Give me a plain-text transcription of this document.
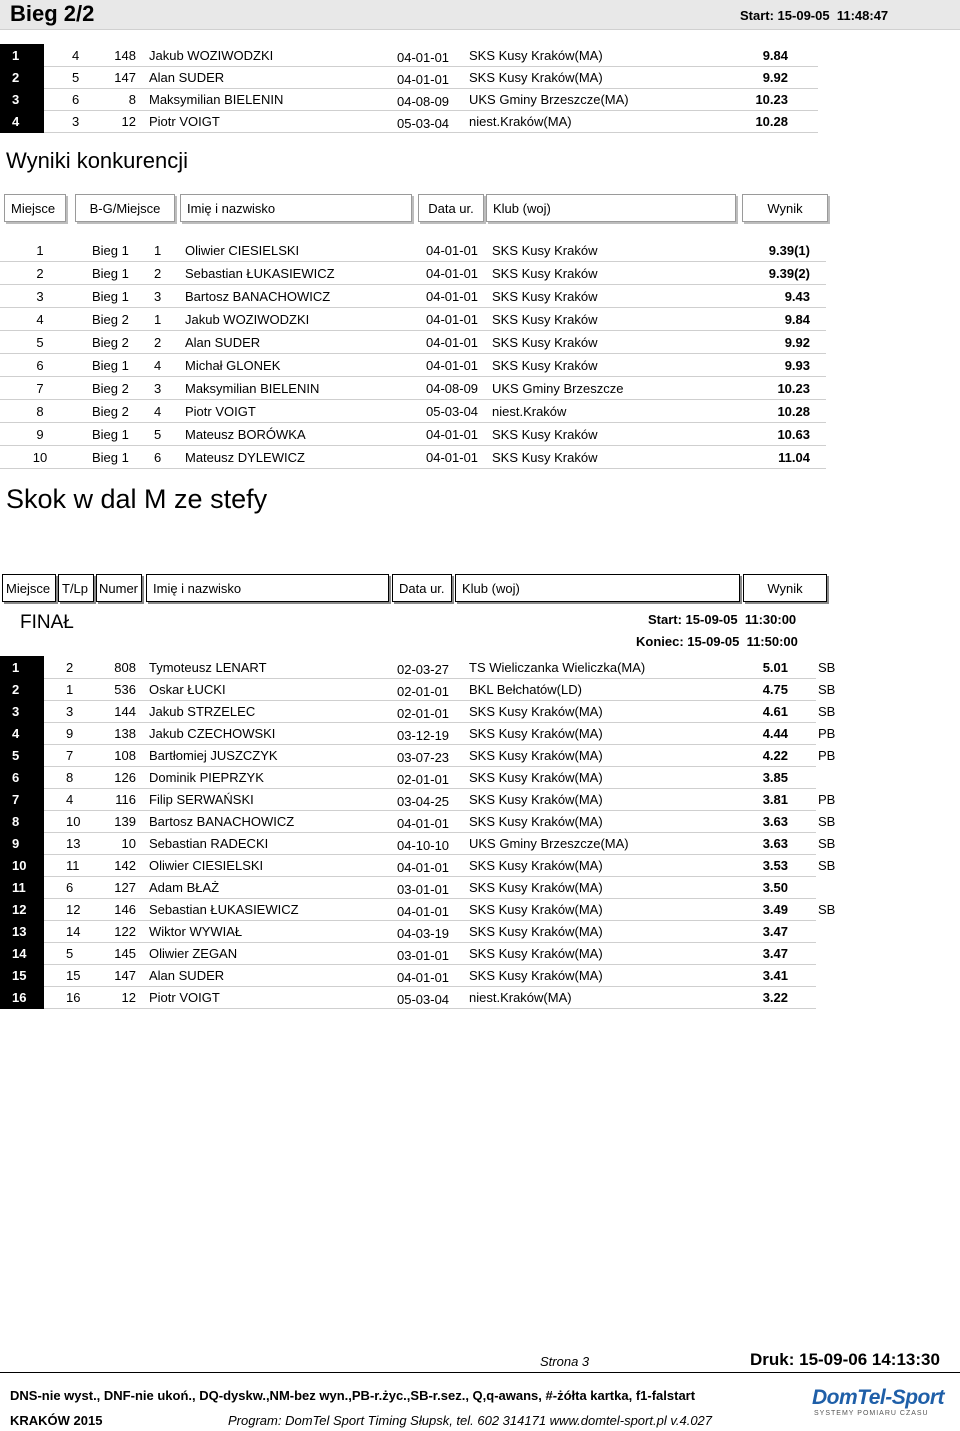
Bieg 2/2	Start: 15-09-05 11:48:47
1	4	148 Jakub WOZIWODZKI	04-01-01 SKS Kusy Kraków(MA)	9.84
2	5	147 Alan SUDER	04-01-01 SKS Kusy Kraków(MA)	9.92
3	6	8 Maksymilian BIELENIN	04-08-09 UKS Gminy Brzeszcze(MA)	10.23
4	3	12 Piotr VOIGT	05-03-04 niest.Kraków(MA)	10.28
Wyniki konkurencji
Miejsce	B-G/Miejsce	Imię i nazwisko	Data ur.	Klub (woj)	Wynik
1	Bieg 1 1 Oliwier CIESIELSKI	04-01-01 SKS Kusy Kraków	9.39(1)
2	Bieg 1 2 Sebastian ŁUKASIEWICZ	04-01-01 SKS Kusy Kraków	9.39(2)
3	Bieg 1 3 Bartosz BANACHOWICZ	04-01-01 SKS Kusy Kraków	9.43
4	Bieg 2 1 Jakub WOZIWODZKI	04-01-01 SKS Kusy Kraków	9.84
5	Bieg 2 2 Alan SUDER	04-01-01 SKS Kusy Kraków	9.92
6	Bieg 1 4 Michał GLONEK	04-01-01 SKS Kusy Kraków	9.93
7	Bieg 2 3 Maksymilian BIELENIN	04-08-09 UKS Gminy Brzeszcze	10.23
8	Bieg 2 4 Piotr VOIGT	05-03-04 niest.Kraków	10.28
9	Bieg 1 5 Mateusz BORÓWKA	04-01-01 SKS Kusy Kraków	10.63
10	Bieg 1 6 Mateusz DYLEWICZ	04-01-01 SKS Kusy Kraków	11.04
Skok w dal M ze stefy
Miejsce T/Lp Numer	Imię i nazwisko	Data ur.	Klub (woj)	Wynik
FINAŁ	Start: 15-09-05 11:30:00
Koniec: 15-09-05 11:50:00
1	2	808 Tymoteusz LENART	02-03-27 TS Wieliczanka Wieliczka(MA)	5.01 SB
2	1	536 Oskar ŁUCKI	02-01-01 BKL Bełchatów(LD)	4.75 SB
3	3	144 Jakub STRZELEC	02-01-01 SKS Kusy Kraków(MA)	4.61 SB
4	9	138 Jakub CZECHOWSKI	03-12-19 SKS Kusy Kraków(MA)	4.44 PB
5	7	108 Bartłomiej JUSZCZYK	03-07-23 SKS Kusy Kraków(MA)	4.22 PB
6	8	126 Dominik PIEPRZYK	02-01-01 SKS Kusy Kraków(MA)	3.85
7	4	116 Filip SERWAŃSKI	03-04-25 SKS Kusy Kraków(MA)	3.81 PB
8	10	139 Bartosz BANACHOWICZ	04-01-01 SKS Kusy Kraków(MA)	3.63 SB
9	13	10 Sebastian RADECKI	04-10-10 UKS Gminy Brzeszcze(MA)	3.63 SB
10	11	142 Oliwier CIESIELSKI	04-01-01 SKS Kusy Kraków(MA)	3.53 SB
11	6	127 Adam BŁAŻ	03-01-01 SKS Kusy Kraków(MA)	3.50
12	12	146 Sebastian ŁUKASIEWICZ	04-01-01 SKS Kusy Kraków(MA)	3.49 SB
13	14	122 Wiktor WYWIAŁ	04-03-19 SKS Kusy Kraków(MA)	3.47
14	5	145 Oliwier ZEGAN	03-01-01 SKS Kusy Kraków(MA)	3.47
15	15	147 Alan SUDER	04-01-01 SKS Kusy Kraków(MA)	3.41
16	16	12 Piotr VOIGT	05-03-04 niest.Kraków(MA)	3.22
Strona 3	Druk: 15-09-06 14:13:30
DNS-nie wyst., DNF-nie ukoń., DQ-dyskw.,NM-bez wyn.,PB-r.życ.,SB-r.sez., Q,q-awans, #-żółta kartka, f1-falstart
KRAKÓW 2015	Program: DomTel Sport Timing Słupsk, tel. 602 314171 www.domtel-sport.pl v.4.027
DomTel-Sport
SYSTEMY POMIARU CZASU
